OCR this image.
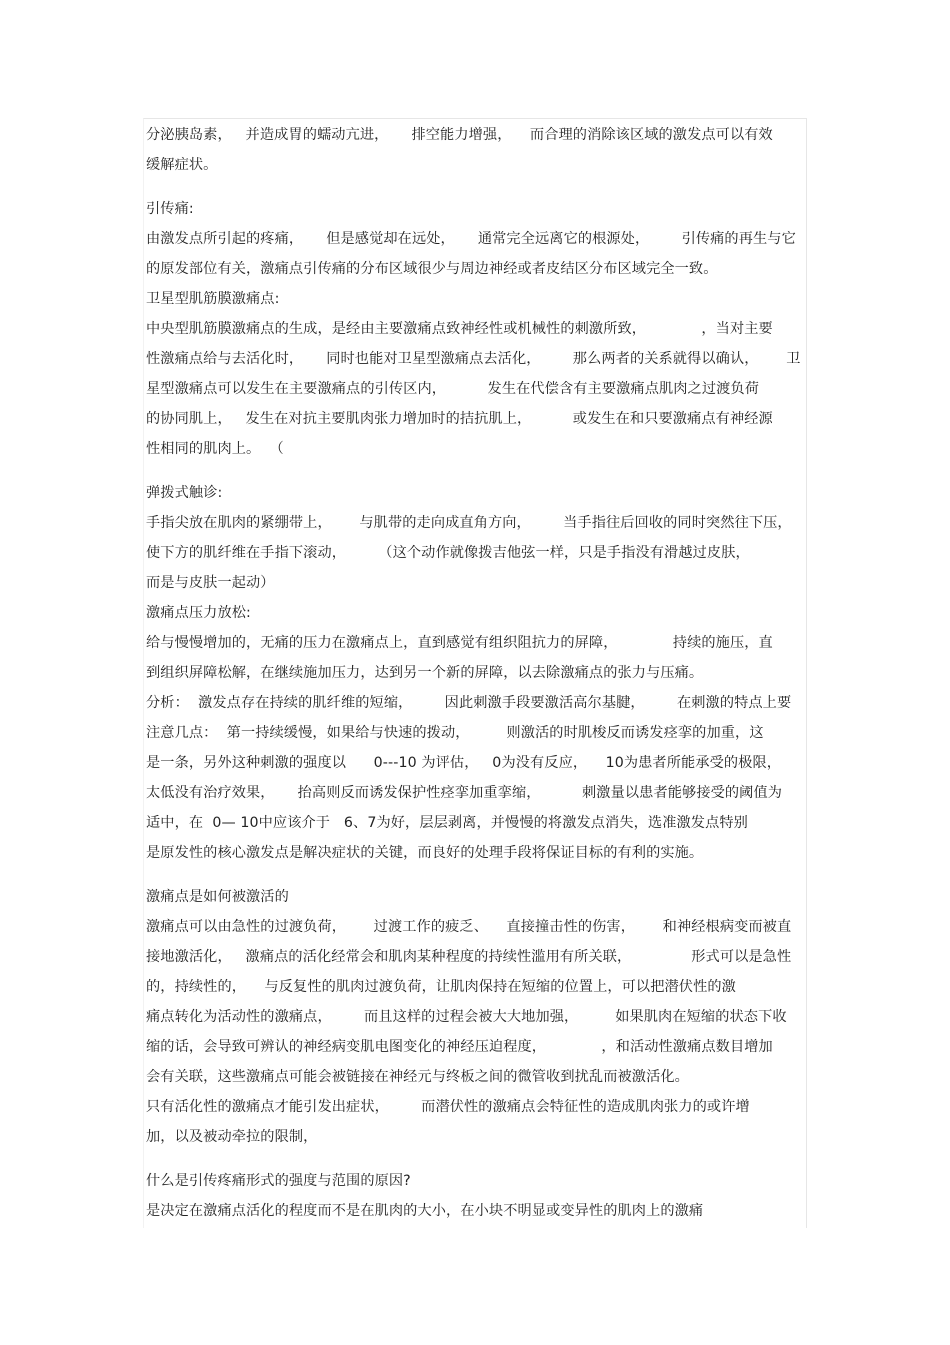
分泌胰岛素，   并造成胃的蠕动亢进，     排空能力增强，    而合理的消除该区域的激发点可以有效
缓解症状。
引传痛:
由激发点所引起的疼痛，     但是感觉却在远处，     通常完全远离它的根源处，       引传痛的再生与它
的原发部位有关，激痛点引传痛的分布区域很少与周边神经或者皮结区分布区域完全一致。
卫星型肌筋膜激痛点:
中央型肌筋膜激痛点的生成，是经由主要激痛点致神经性或机械性的刺激所致，            ，当对主要
性激痛点给与去活化时，     同时也能对卫星型激痛点去活化，       那么两者的关系就得以确认，      卫
星型激痛点可以发生在主要激痛点的引传区内，         发生在代偿含有主要激痛点肌肉之过渡负荷
的协同肌上，   发生在对抗主要肌肉张力增加时的拮抗肌上，         或发生在和只要激痛点有神经源
性相同的肌肉上。  （
弹拨式触诊:
手指尖放在肌肉的紧绷带上，      与肌带的走向成直角方向，       当手指往后回收的同时突然往下压，
使下方的肌纤维在手指下滚动，       （这个动作就像拨吉他弦一样，只是手指没有滑越过皮肤，
而是与皮肤一起动）
激痛点压力放松:
给与慢慢增加的，无痛的压力在激痛点上，直到感觉有组织阻抗力的屏障，            持续的施压，直
到组织屏障松解，在继续施加压力，达到另一个新的屏障，以去除激痛点的张力与压痛。
分析：  激发点存在持续的肌纤维的短缩，       因此刺激手段要激活高尔基腱，       在刺激的特点上要
注意几点：  第一持续缓慢，如果给与快速的拨动，        则激活的时肌梭反而诱发痉挛的加重，这
是一条，另外这种刺激的强度以      0---10 为评估，   0为没有反应，    10为患者所能承受的极限，
太低没有治疗效果，     抬高则反而诱发保护性痉挛加重挛缩，         刺激量以患者能够接受的阈值为
适中，在  0— 10中应该介于   6、7为好，层层剥离，并慢慢的将激发点消失，选准激发点特别
是原发性的核心激发点是解决症状的关键，而良好的处理手段将保证目标的有利的实施。
激痛点是如何被激活的
激痛点可以由急性的过渡负荷，      过渡工作的疲乏、    直接撞击性的伤害，      和神经根病变而被直
接地激活化，   激痛点的活化经常会和肌肉某种程度的持续性滥用有所关联，             形式可以是急性
的，持续性的，    与反复性的肌肉过渡负荷，让肌肉保持在短缩的位置上，可以把潜伏性的激
痛点转化为活动性的激痛点，       而且这样的过程会被大大地加强，        如果肌肉在短缩的状态下收
缩的话，会导致可辨认的神经病变肌电图变化的神经压迫程度，            ，和活动性激痛点数目增加
会有关联，这些激痛点可能会被链接在神经元与终板之间的微管收到扰乱而被激活化。
只有活化性的激痛点才能引发出症状，       而潜伏性的激痛点会特征性的造成肌肉张力的或许增
加，以及被动牵拉的限制，
什么是引传疼痛形式的强度与范围的原因?
是决定在激痛点活化的程度而不是在肌肉的大小，在小块不明显或变异性的肌肉上的激痛
